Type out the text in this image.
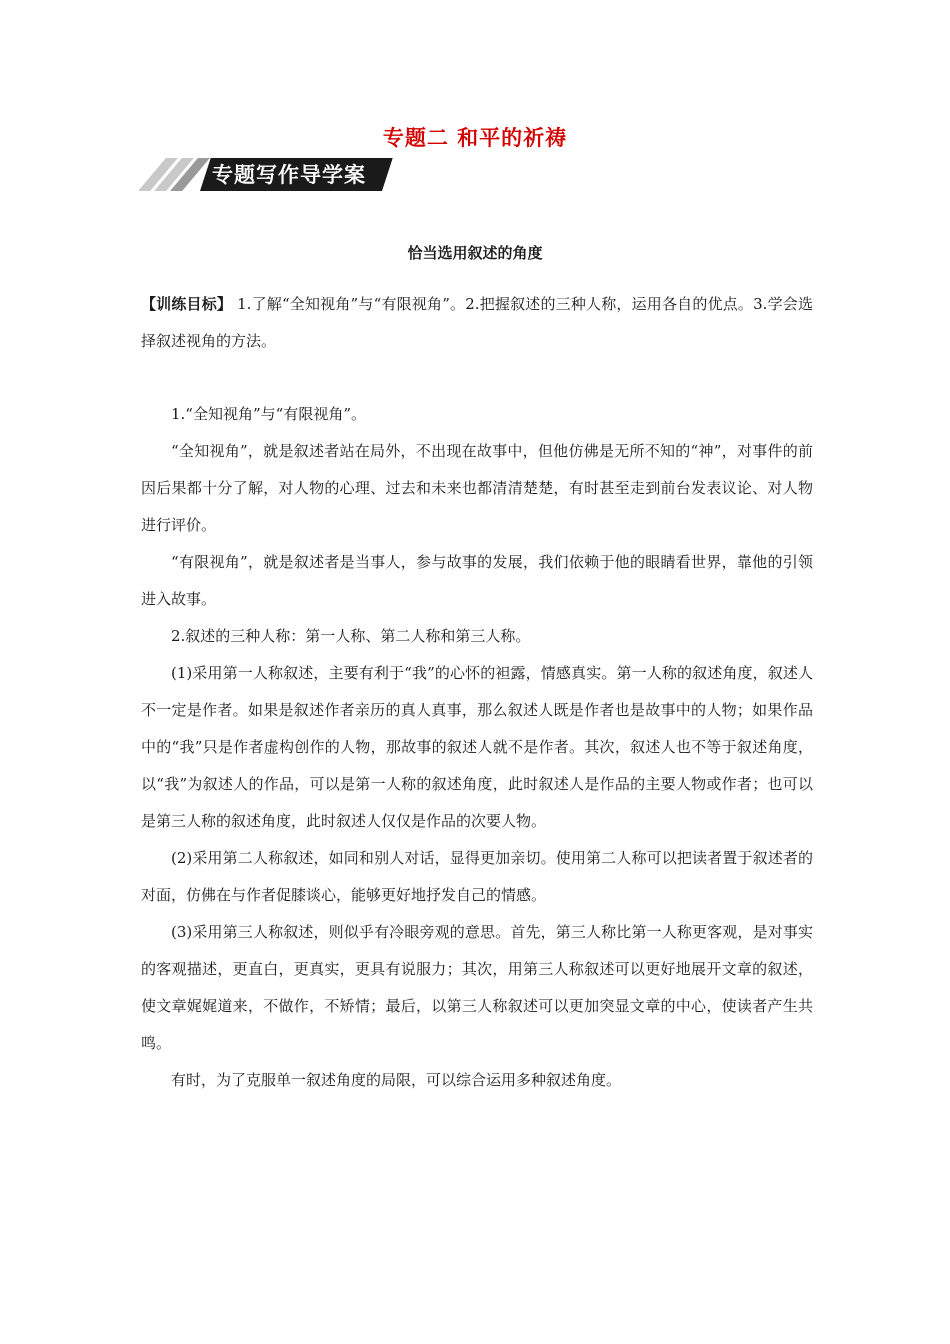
专题二 和平的祈祷
专题写作导学案
恰当选用叙述的角度

【训练目标】 1.了解“全知视角”与“有限视角”。2.把握叙述的三种人称，运用各自的优点。3.学会选择叙述视角的方法。

1.“全知视角”与“有限视角”。

“全知视角”，就是叙述者站在局外，不出现在故事中，但他仿佛是无所不知的“神”，对事件的前因后果都十分了解，对人物的心理、过去和未来也都清清楚楚，有时甚至走到前台发表议论、对人物进行评价。

“有限视角”，就是叙述者是当事人，参与故事的发展，我们依赖于他的眼睛看世界，靠他的引领进入故事。

2.叙述的三种人称：第一人称、第二人称和第三人称。

(1)采用第一人称叙述，主要有利于“我”的心怀的袒露，情感真实。第一人称的叙述角度，叙述人不一定是作者。如果是叙述作者亲历的真人真事，那么叙述人既是作者也是故事中的人物；如果作品中的“我”只是作者虚构创作的人物，那故事的叙述人就不是作者。其次，叙述人也不等于叙述角度，以“我”为叙述人的作品，可以是第一人称的叙述角度，此时叙述人是作品的主要人物或作者；也可以是第三人称的叙述角度，此时叙述人仅仅是作品的次要人物。

(2)采用第二人称叙述，如同和别人对话，显得更加亲切。使用第二人称可以把读者置于叙述者的对面，仿佛在与作者促膝谈心，能够更好地抒发自己的情感。

(3)采用第三人称叙述，则似乎有冷眼旁观的意思。首先，第三人称比第一人称更客观，是对事实的客观描述，更直白，更真实，更具有说服力；其次，用第三人称叙述可以更好地展开文章的叙述，使文章娓娓道来，不做作，不矫情；最后，以第三人称叙述可以更加突显文章的中心，使读者产生共鸣。

有时，为了克服单一叙述角度的局限，可以综合运用多种叙述角度。
